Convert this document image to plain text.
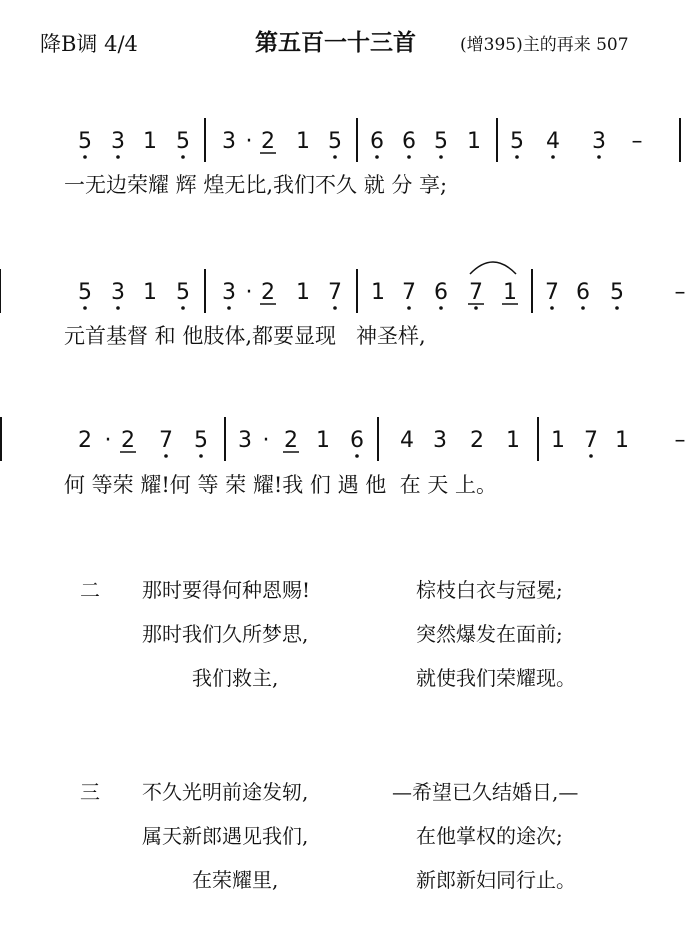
降B调 4/4	第五百一十三首	(增395)主的再来 507
5 3 1 5 3 · 2 1 5 6 6 5 1 5 4 3 –
一无边荣耀 辉 煌无比,我们不久 就 分 享;
5 3 1 5 3 · 2 1 7 1 7 6 7 1 7 6 5 –
元首基督 和 他肢体,都要显现   神圣样,
2 · 2 7 5 3 · 2 1 6 4 3 2 1 1 7 1 –
何 等荣 耀!何 等 荣 耀!我 们 遇 他  在 天 上。
二 那时要得何种恩赐!	棕枝白衣与冠冕;
那时我们久所梦思,	突然爆发在面前;
我们救主,	就使我们荣耀现。
三 不久光明前途发轫,	—希望已久结婚日,—
属天新郎遇见我们,	在他掌权的途次;
在荣耀里,	新郎新妇同行止。
